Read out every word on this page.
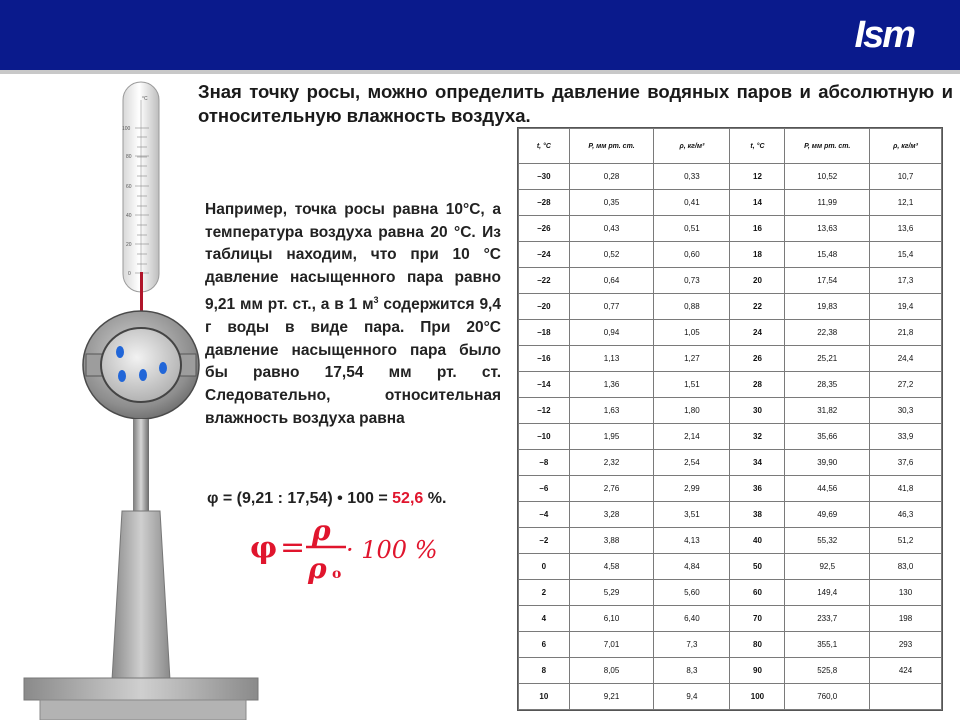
Ism
°C
100
80
60
40
20
0
Зная точку росы, можно определить давление водяных паров и абсолютную и относительную влажность воздуха.
Например, точка росы равна 10°С, а температура воздуха равна 20 °С. Из таблицы находим, что при 10 °С давление насыщенного пара равно 9,21 мм рт. ст., а в 1 $м^3$ содержится 9,4 г воды в виде пара. При 20°С давление насыщенного пара было бы равно 17,54 мм рт. ст. Следовательно, относительная влажность воздуха равна
φ = (9,21 : 17,54) • 100 = 52,6 %.
φ = ρ
ρ о
· 100 %
t, °C	P, мм рт. ст.	ρ, кг/м³	t, °C	P, мм рт. ст.	ρ, кг/м³
–30	0,28	0,33	12	10,52	10,7
–28	0,35	0,41	14	11,99	12,1
–26	0,43	0,51	16	13,63	13,6
–24	0,52	0,60	18	15,48	15,4
–22	0,64	0,73	20	17,54	17,3
–20	0,77	0,88	22	19,83	19,4
–18	0,94	1,05	24	22,38	21,8
–16	1,13	1,27	26	25,21	24,4
–14	1,36	1,51	28	28,35	27,2
–12	1,63	1,80	30	31,82	30,3
–10	1,95	2,14	32	35,66	33,9
–8	2,32	2,54	34	39,90	37,6
–6	2,76	2,99	36	44,56	41,8
–4	3,28	3,51	38	49,69	46,3
–2	3,88	4,13	40	55,32	51,2
0	4,58	4,84	50	92,5	83,0
2	5,29	5,60	60	149,4	130
4	6,10	6,40	70	233,7	198
6	7,01	7,3	80	355,1	293
8	8,05	8,3	90	525,8	424
10	9,21	9,4	100	760,0	
